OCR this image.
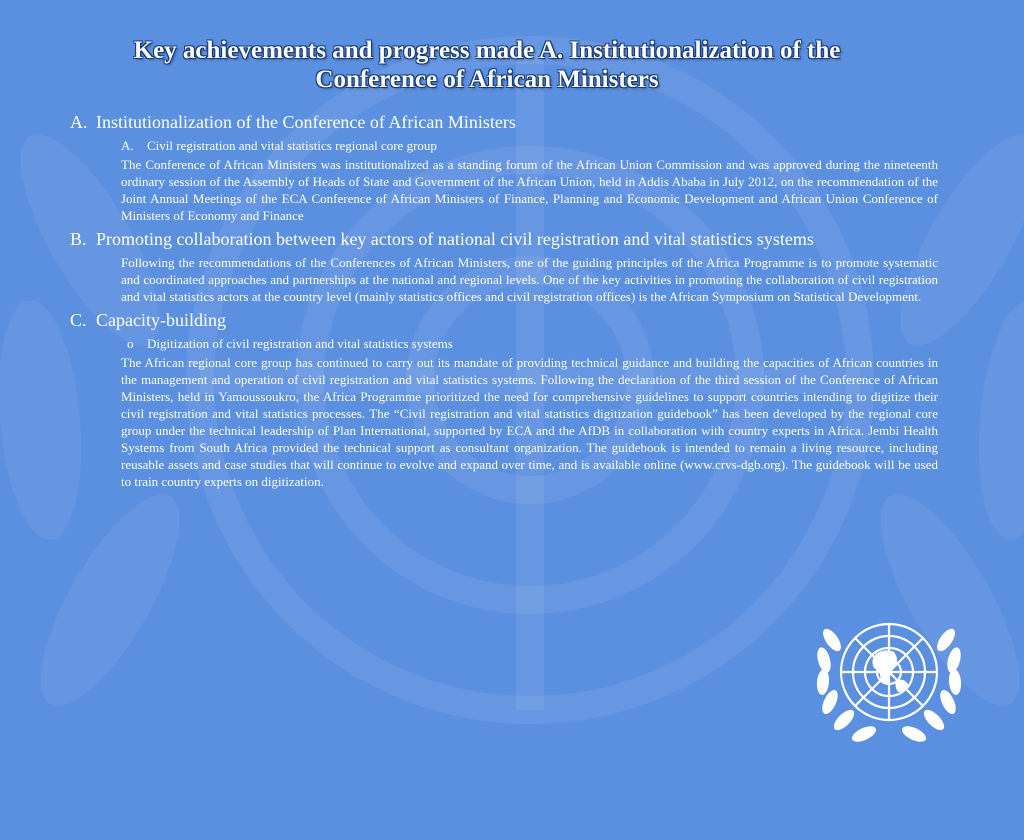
Key achievements and progress made A. Institutionalization of the
Conference of African Ministers
A. Institutionalization of the Conference of African Ministers
A. Civil registration and vital statistics regional core group
The Conference of African Ministers was institutionalized as a standing forum of the African Union Commission and was approved during the nineteenth ordinary session of the Assembly of Heads of State and Government of the African Union, held in Addis Ababa in July 2012, on the recommendation of the Joint Annual Meetings of the ECA Conference of African Ministers of Finance, Planning and Economic Development and African Union Conference of Ministers of Economy and Finance
B. Promoting collaboration between key actors of national civil registration and vital statistics systems
Following the recommendations of the Conferences of African Ministers, one of the guiding principles of the Africa Programme is to promote systematic and coordinated approaches and partnerships at the national and regional levels. One of the key activities in promoting the collaboration of civil registration and vital statistics actors at the country level (mainly statistics offices and civil registration offices) is the African Symposium on Statistical Development.
C. Capacity-building
o Digitization of civil registration and vital statistics systems
The African regional core group has continued to carry out its mandate of providing technical guidance and building the capacities of African countries in the management and operation of civil registration and vital statistics systems. Following the declaration of the third session of the Conference of African Ministers, held in Yamoussoukro, the Africa Programme prioritized the need for comprehensive guidelines to support countries intending to digitize their civil registration and vital statistics processes. The “Civil registration and vital statistics digitization guidebook” has been developed by the regional core group under the technical leadership of Plan International, supported by ECA and the AfDB in collaboration with country experts in Africa. Jembi Health Systems from South Africa provided the technical support as consultant organization. The guidebook is intended to remain a living resource, including reusable assets and case studies that will continue to evolve and expand over time, and is available online (www.crvs-dgb.org). The guidebook will be used to train country experts on digitization.
